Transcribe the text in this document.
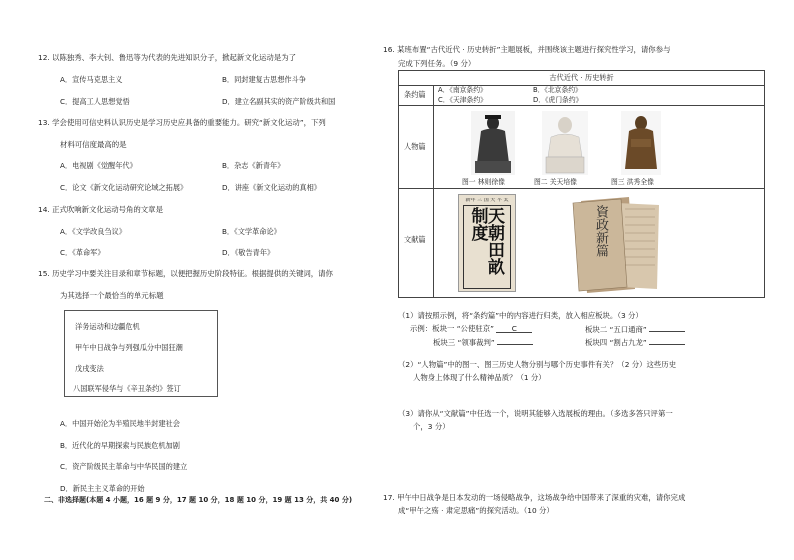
12. 以陈独秀、李大钊、鲁迅等为代表的先进知识分子，掀起新文化运动是为了
A．宣传马克思主义	B．同封建复古思想作斗争
C．提高工人思想觉悟	D．建立名副其实的资产阶级共和国
13. 学会使用可信史料认识历史是学习历史应具备的重要能力。研究“新文化运动”，下列
材料可信度最高的是
A．电视剧《觉醒年代》	B．杂志《新青年》
C．论文《新文化运动研究论域之拓展》	D．讲座《新文化运动的真相》
14. 正式吹响新文化运动号角的文章是
A．《文学改良刍议》	B．《文学革命论》
C．《革命军》	D．《敬告青年》
15. 历史学习中要关注目录和章节标题，以便把握历史阶段特征。根据提供的关键词，请你
为其选择一个最恰当的单元标题
洋务运动和边疆危机
甲午中日战争与列强瓜分中国狂潮
戊戌变法
八国联军侵华与《辛丑条约》签订
A．中国开始沦为半殖民地半封建社会
B．近代化的早期探索与民族危机加剧
C．资产阶级民主革命与中华民国的建立
D．新民主主义革命的开始
二、非选择题(本题 4 小题，16 题 9 分，17 题 10 分，18 题 10 分，19 题 13 分，共 40 分)
16. 某班布置“古代近代 · 历史转折”主题展板，并围绕该主题进行探究性学习，请你参与
完成下列任务。（9 分）
古代近代 · 历史转折
条约篇 A．《南京条约》	B．《北京条约》
C．《天津条约》	D．《虎门条约》
人物篇
图一 林则徐像	图二 关天培像	图三 洪秀全像
文献篇
新年 三 国 天 平 太
天朝田畝制度	資政新篇
（1）请按照示例，将“条约篇”中的内容进行归类，放入相应板块。（3 分）
示例：板块一 “公使驻京” C	板块二 “五口通商”
板块三 “领事裁判”	板块四 “割占九龙”
（2）“人物篇”中的图一、图三历史人物分别与哪个历史事件有关？（2 分）这些历史
人物身上体现了什么精神品质？（1 分）
（3）请你从“文献篇”中任选一个，说明其能够入选展板的理由。（多选多答只评第一
个，3 分）
17. 甲午中日战争是日本发动的一场侵略战争，这场战争给中国带来了深重的灾难，请你完成
成“甲午之殇 · 肃定思痛”的探究活动。（10 分）
